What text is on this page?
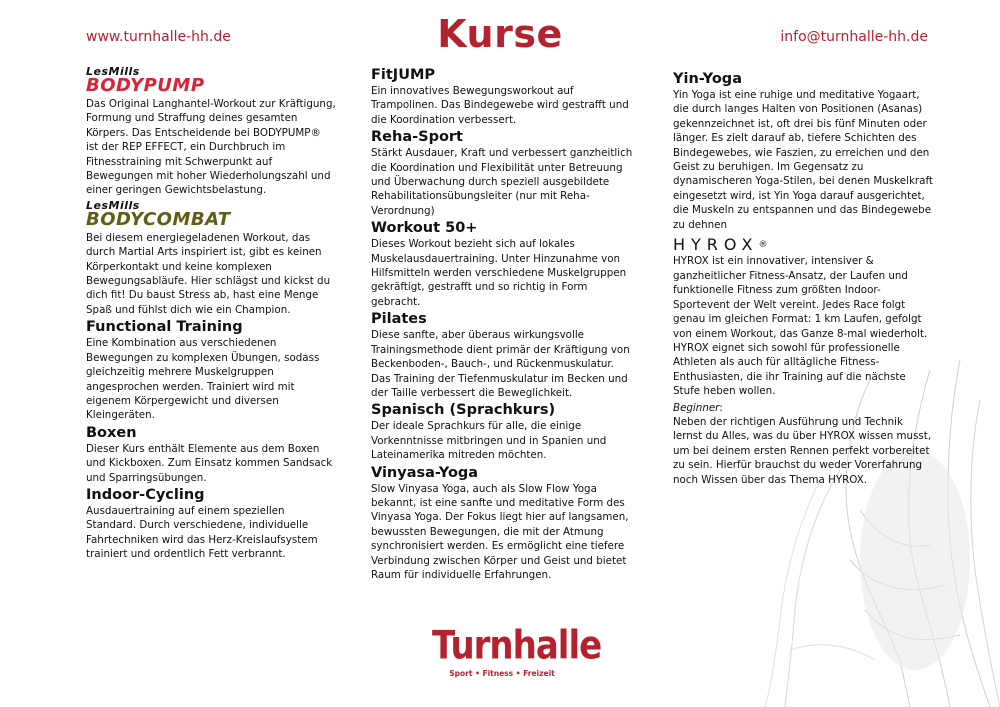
www.turnhalle-hh.de	Kurse	info@turnhalle-hh.de
LesMills
BODYPUMP
Das Original Langhantel-Workout zur Kräftigung, Formung und Straffung deines gesamten Körpers. Das Entscheidende bei BODYPUMP® ist der REP EFFECT, ein Durchbruch im Fitnesstraining mit Schwerpunkt auf Bewegungen mit hoher Wiederholungszahl und einer geringen Gewichtsbelastung.
LesMills
BODYCOMBAT
Bei diesem energiegeladenen Workout, das durch Martial Arts inspiriert ist, gibt es keinen Körperkontakt und keine komplexen Bewegungsabläufe. Hier schlägst und kickst du dich fit! Du baust Stress ab, hast eine Menge Spaß und fühlst dich wie ein Champion.
Functional Training
Eine Kombination aus verschiedenen Bewegungen zu komplexen Übungen, sodass gleichzeitig mehrere Muskelgruppen angesprochen werden. Trainiert wird mit eigenem Körpergewicht und diversen Kleingeräten.
Boxen
Dieser Kurs enthält Elemente aus dem Boxen und Kickboxen. Zum Einsatz kommen Sandsack und Sparringsübungen.
Indoor-Cycling
Ausdauertraining auf einem speziellen Standard. Durch verschiedene, individuelle Fahrtechniken wird das Herz-Kreislaufsystem trainiert und ordentlich Fett verbrannt.
FitJUMP
Ein innovatives Bewegungsworkout auf Trampolinen. Das Bindegewebe wird gestrafft und die Koordination verbessert.
Reha-Sport
Stärkt Ausdauer, Kraft und verbessert ganzheitlich die Koordination und Flexibilität unter Betreuung und Überwachung durch speziell ausgebildete Rehabilitationsübungsleiter (nur mit Reha-Verordnung)
Workout 50+
Dieses Workout bezieht sich auf lokales Muskelausdauertraining. Unter Hinzunahme von Hilfsmitteln werden verschiedene Muskelgruppen gekräftigt, gestrafft und so richtig in Form gebracht.
Pilates
Diese sanfte, aber überaus wirkungsvolle Trainingsmethode dient primär der Kräftigung von Beckenboden-, Bauch-, und Rückenmuskulatur. Das Training der Tiefenmuskulatur im Becken und der Taille verbessert die Beweglichkeit.
Spanisch (Sprachkurs)
Der ideale Sprachkurs für alle, die einige Vorkenntnisse mitbringen und in Spanien und Lateinamerika mitreden möchten.
Vinyasa-Yoga
Slow Vinyasa Yoga, auch als Slow Flow Yoga bekannt, ist eine sanfte und meditative Form des Vinyasa Yoga. Der Fokus liegt hier auf langsamen, bewussten Bewegungen, die mit der Atmung synchronisiert werden. Es ermöglicht eine tiefere Verbindung zwischen Körper und Geist und bietet Raum für individuelle Erfahrungen.
Yin-Yoga
Yin Yoga ist eine ruhige und meditative Yogaart, die durch langes Halten von Positionen (Asanas) gekennzeichnet ist, oft drei bis fünf Minuten oder länger. Es zielt darauf ab, tiefere Schichten des Bindegewebes, wie Faszien, zu erreichen und den Geist zu beruhigen. Im Gegensatz zu dynamischeren Yoga-Stilen, bei denen Muskelkraft eingesetzt wird, ist Yin Yoga darauf ausgerichtet, die Muskeln zu entspannen und das Bindegewebe zu dehnen
HYROX®
HYROX ist ein innovativer, intensiver & ganzheitlicher Fitness-Ansatz, der Laufen und funktionelle Fitness zum größten Indoor-Sportevent der Welt vereint. Jedes Race folgt genau im gleichen Format: 1 km Laufen, gefolgt von einem Workout, das Ganze 8-mal wiederholt. HYROX eignet sich sowohl für professionelle Athleten als auch für alltägliche Fitness-Enthusiasten, die ihr Training auf die nächste Stufe heben wollen.
Beginner:
Neben der richtigen Ausführung und Technik lernst du Alles, was du über HYROX wissen musst, um bei deinem ersten Rennen perfekt vorbereitet zu sein. Hierfür brauchst du weder Vorerfahrung noch Wissen über das Thema HYROX.
Turnhalle
Sport • Fitness • Freizeit
